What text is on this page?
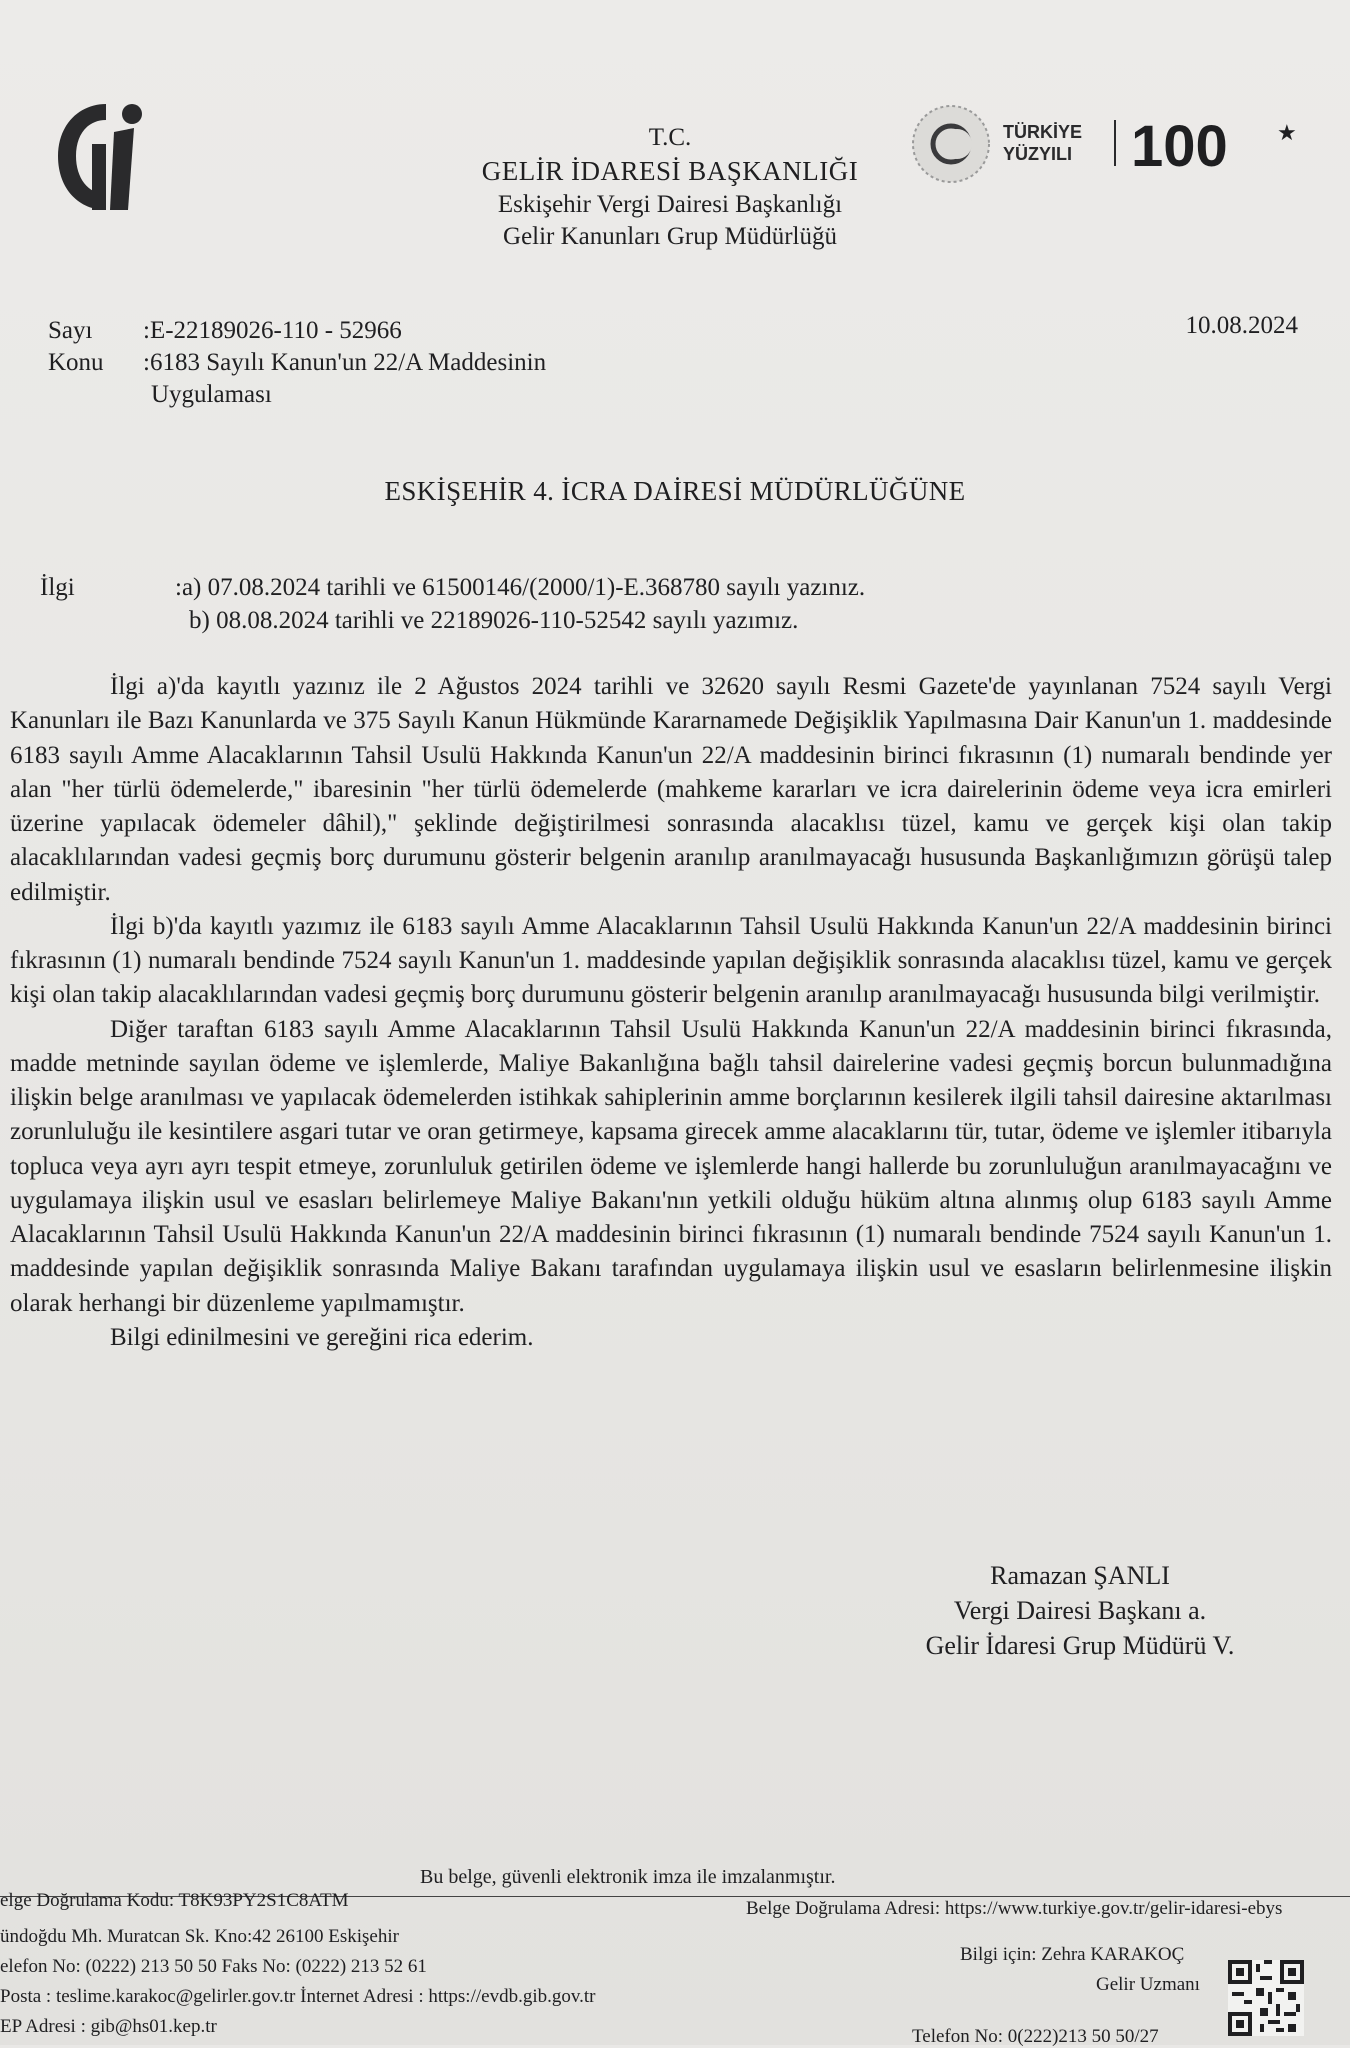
T.C.
GELİR İDARESİ BAŞKANLIĞI
Eskişehir Vergi Dairesi Başkanlığı
Gelir Kanunları Grup Müdürlüğü
TÜRKİYE
YÜZYILI 100 ★
Sayı	:E-22189026-110 - 52966
Konu	:6183 Sayılı Kanun'un 22/A Maddesinin
Uygulaması
10.08.2024
ESKİŞEHİR 4. İCRA DAİRESİ MÜDÜRLÜĞÜNE
İlgi	:a) 07.08.2024 tarihli ve 61500146/(2000/1)-E.368780 sayılı yazınız.
b) 08.08.2024 tarihli ve 22189026-110-52542 sayılı yazımız.

İlgi a)'da kayıtlı yazınız ile 2 Ağustos 2024 tarihli ve 32620 sayılı Resmi Gazete'de yayınlanan 7524 sayılı Vergi Kanunları ile Bazı Kanunlarda ve 375 Sayılı Kanun Hükmünde Kararnamede Değişiklik Yapılmasına Dair Kanun'un 1. maddesinde 6183 sayılı Amme Alacaklarının Tahsil Usulü Hakkında Kanun'un 22/A maddesinin birinci fıkrasının (1) numaralı bendinde yer alan "her türlü ödemelerde," ibaresinin "her türlü ödemelerde (mahkeme kararları ve icra dairelerinin ödeme veya icra emirleri üzerine yapılacak ödemeler dâhil)," şeklinde değiştirilmesi sonrasında alacaklısı tüzel, kamu ve gerçek kişi olan takip alacaklılarından vadesi geçmiş borç durumunu gösterir belgenin aranılıp aranılmayacağı hususunda Başkanlığımızın görüşü talep edilmiştir.

İlgi b)'da kayıtlı yazımız ile 6183 sayılı Amme Alacaklarının Tahsil Usulü Hakkında Kanun'un 22/A maddesinin birinci fıkrasının (1) numaralı bendinde 7524 sayılı Kanun'un 1. maddesinde yapılan değişiklik sonrasında alacaklısı tüzel, kamu ve gerçek kişi olan takip alacaklılarından vadesi geçmiş borç durumunu gösterir belgenin aranılıp aranılmayacağı hususunda bilgi verilmiştir.

Diğer taraftan 6183 sayılı Amme Alacaklarının Tahsil Usulü Hakkında Kanun'un 22/A maddesinin birinci fıkrasında, madde metninde sayılan ödeme ve işlemlerde, Maliye Bakanlığına bağlı tahsil dairelerine vadesi geçmiş borcun bulunmadığına ilişkin belge aranılması ve yapılacak ödemelerden istihkak sahiplerinin amme borçlarının kesilerek ilgili tahsil dairesine aktarılması zorunluluğu ile kesintilere asgari tutar ve oran getirmeye, kapsama girecek amme alacaklarını tür, tutar, ödeme ve işlemler itibarıyla topluca veya ayrı ayrı tespit etmeye, zorunluluk getirilen ödeme ve işlemlerde hangi hallerde bu zorunluluğun aranılmayacağını ve uygulamaya ilişkin usul ve esasları belirlemeye Maliye Bakanı'nın yetkili olduğu hüküm altına alınmış olup 6183 sayılı Amme Alacaklarının Tahsil Usulü Hakkında Kanun'un 22/A maddesinin birinci fıkrasının (1) numaralı bendinde 7524 sayılı Kanun'un 1. maddesinde yapılan değişiklik sonrasında Maliye Bakanı tarafından uygulamaya ilişkin usul ve esasların belirlenmesine ilişkin olarak herhangi bir düzenleme yapılmamıştır.

Bilgi edinilmesini ve gereğini rica ederim.

Ramazan ŞANLI
Vergi Dairesi Başkanı a.
Gelir İdaresi Grup Müdürü V.
Bu belge, güvenli elektronik imza ile imzalanmıştır.
elge Doğrulama Kodu: T8K93PY2S1C8ATM	Belge Doğrulama Adresi: https://www.turkiye.gov.tr/gelir-idaresi-ebys
ündoğdu Mh. Muratcan Sk. Kno:42 26100 Eskişehir
elefon No: (0222) 213 50 50 Faks No: (0222) 213 52 61
Posta : teslime.karakoc@gelirler.gov.tr İnternet Adresi : https://evdb.gib.gov.tr
EP Adresi : gib@hs01.kep.tr
Bilgi için: Zehra KARAKOÇ
Gelir Uzmanı
Telefon No: 0(222)213 50 50/27
